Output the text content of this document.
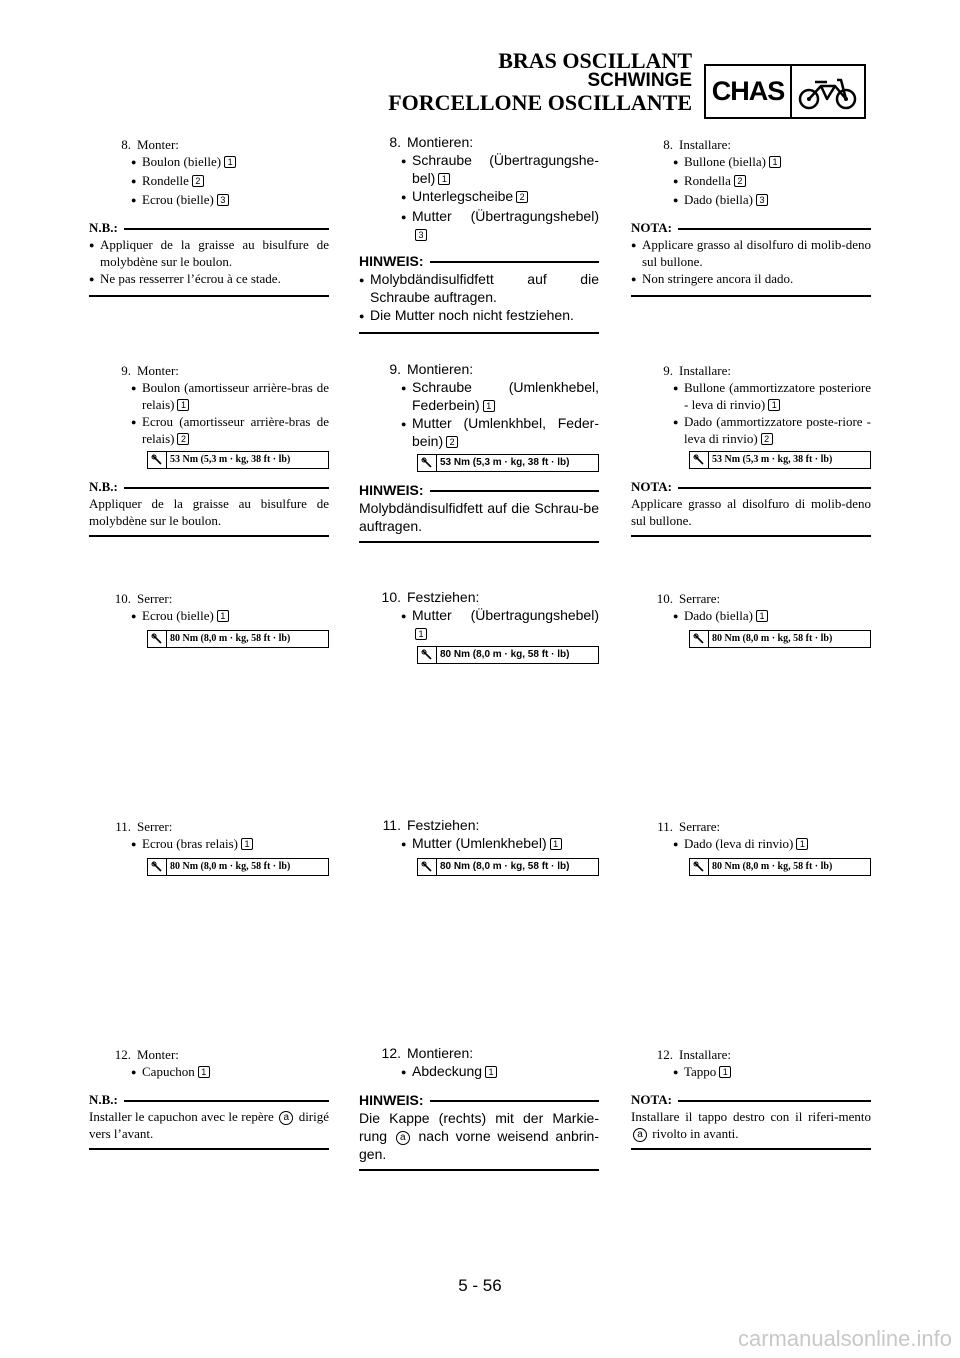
BRAS OSCILLANT
SCHWINGE
FORCELLONE OSCILLANTE CHAS
8. Monter:
●
Boulon (bielle) 1
●
Rondelle 2
●
Ecrou (bielle) 3
N.B.:
●
Appliquer de la graisse au bisulfure de molybdène sur le boulon.
●
Ne pas resserrer l’écrou à ce stade.
9. Monter:
●
Boulon (amortisseur arrière-bras de relais) 1
●
Ecrou (amortisseur arrière-bras de relais) 2
53 Nm (5,3 m · kg, 38 ft · lb)
N.B.:
Appliquer de la graisse au bisulfure de molybdène sur le boulon.
10. Serrer:
●
Ecrou (bielle) 1
80 Nm (8,0 m · kg, 58 ft · lb)
11. Serrer:
●
Ecrou (bras relais) 1
80 Nm (8,0 m · kg, 58 ft · lb)
12. Monter:
●
Capuchon 1
N.B.:
Installer le capuchon avec le repère a dirigé vers l’avant.
8. Montieren:
●
Schraube (Übertragungshe-bel) 1
●
Unterlegscheibe 2
●
Mutter (Übertragungshebel) 3
HINWEIS:
●
Molybdändisulfidfett auf die Schraube auftragen.
●
Die Mutter noch nicht festziehen.
9. Montieren:
●
Schraube (Umlenkhebel, Federbein) 1
●
Mutter (Umlenkhbel, Feder-bein) 2
53 Nm (5,3 m · kg, 38 ft · lb)
HINWEIS:
Molybdändisulfidfett auf die Schrau-be auftragen.
10. Festziehen:
●
Mutter (Übertragungshebel) 1
80 Nm (8,0 m · kg, 58 ft · lb)
11. Festziehen:
●
Mutter (Umlenkhebel) 1
80 Nm (8,0 m · kg, 58 ft · lb)
12. Montieren:
●
Abdeckung 1
HINWEIS:
Die Kappe (rechts) mit der Markie-rung a nach vorne weisend anbrin-gen.
8. Installare:
●
Bullone (biella) 1
●
Rondella 2
●
Dado (biella) 3
NOTA:
●
Applicare grasso al disolfuro di molib-deno sul bullone.
●
Non stringere ancora il dado.
9. Installare:
●
Bullone (ammortizzatore posteriore - leva di rinvio) 1
●
Dado (ammortizzatore poste-riore - leva di rinvio) 2
53 Nm (5,3 m · kg, 38 ft · lb)
NOTA:
Applicare grasso al disolfuro di molib-deno sul bullone.
10. Serrare:
●
Dado (biella) 1
80 Nm (8,0 m · kg, 58 ft · lb)
11. Serrare:
●
Dado (leva di rinvio) 1
80 Nm (8,0 m · kg, 58 ft · lb)
12. Installare:
●
Tappo 1
NOTA:
Installare il tappo destro con il riferi-mento a rivolto in avanti.
5 - 56
carmanualsonline.info
